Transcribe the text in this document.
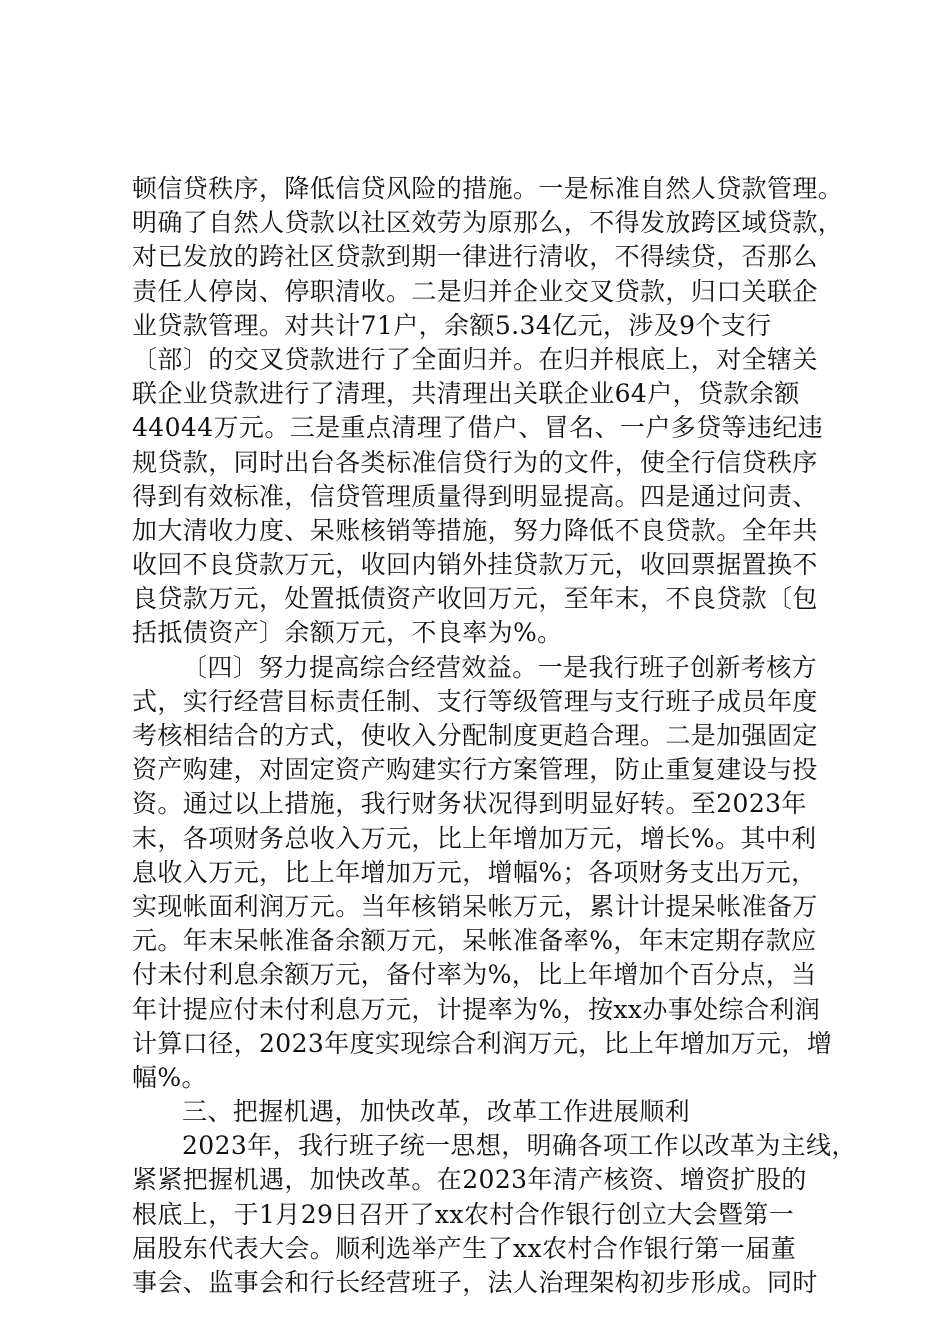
顿信贷秩序，降低信贷风险的措施。一是标准自然人贷款管理。
明确了自然人贷款以社区效劳为原那么，不得发放跨区域贷款，
对已发放的跨社区贷款到期一律进行清收，不得续贷，否那么
责任人停岗、停职清收。二是归并企业交叉贷款，归口关联企
业贷款管理。对共计71户，余额5.34亿元，涉及9个支行
〔部〕的交叉贷款进行了全面归并。在归并根底上，对全辖关
联企业贷款进行了清理，共清理出关联企业64户，贷款余额
44044万元。三是重点清理了借户、冒名、一户多贷等违纪违
规贷款，同时出台各类标准信贷行为的文件，使全行信贷秩序
得到有效标准，信贷管理质量得到明显提高。四是通过问责、
加大清收力度、呆账核销等措施，努力降低不良贷款。全年共
收回不良贷款万元，收回内销外挂贷款万元，收回票据置换不
良贷款万元，处置抵债资产收回万元，至年末，不良贷款〔包
括抵债资产〕余额万元，不良率为%。
〔四〕努力提高综合经营效益。一是我行班子创新考核方
式，实行经营目标责任制、支行等级管理与支行班子成员年度
考核相结合的方式，使收入分配制度更趋合理。二是加强固定
资产购建，对固定资产购建实行方案管理，防止重复建设与投
资。通过以上措施，我行财务状况得到明显好转。至2023年
末，各项财务总收入万元，比上年增加万元，增长%。其中利
息收入万元，比上年增加万元，增幅%；各项财务支出万元，
实现帐面利润万元。当年核销呆帐万元，累计计提呆帐准备万
元。年末呆帐准备余额万元，呆帐准备率%，年末定期存款应
付未付利息余额万元，备付率为%，比上年增加个百分点，当
年计提应付未付利息万元，计提率为%，按xx办事处综合利润
计算口径，2023年度实现综合利润万元，比上年增加万元，增
幅%。
三、把握机遇，加快改革，改革工作进展顺利
2023年，我行班子统一思想，明确各项工作以改革为主线，
紧紧把握机遇，加快改革。在2023年清产核资、增资扩股的
根底上，于1月29日召开了xx农村合作银行创立大会暨第一
届股东代表大会。顺利选举产生了xx农村合作银行第一届董
事会、监事会和行长经营班子，法人治理架构初步形成。同时
